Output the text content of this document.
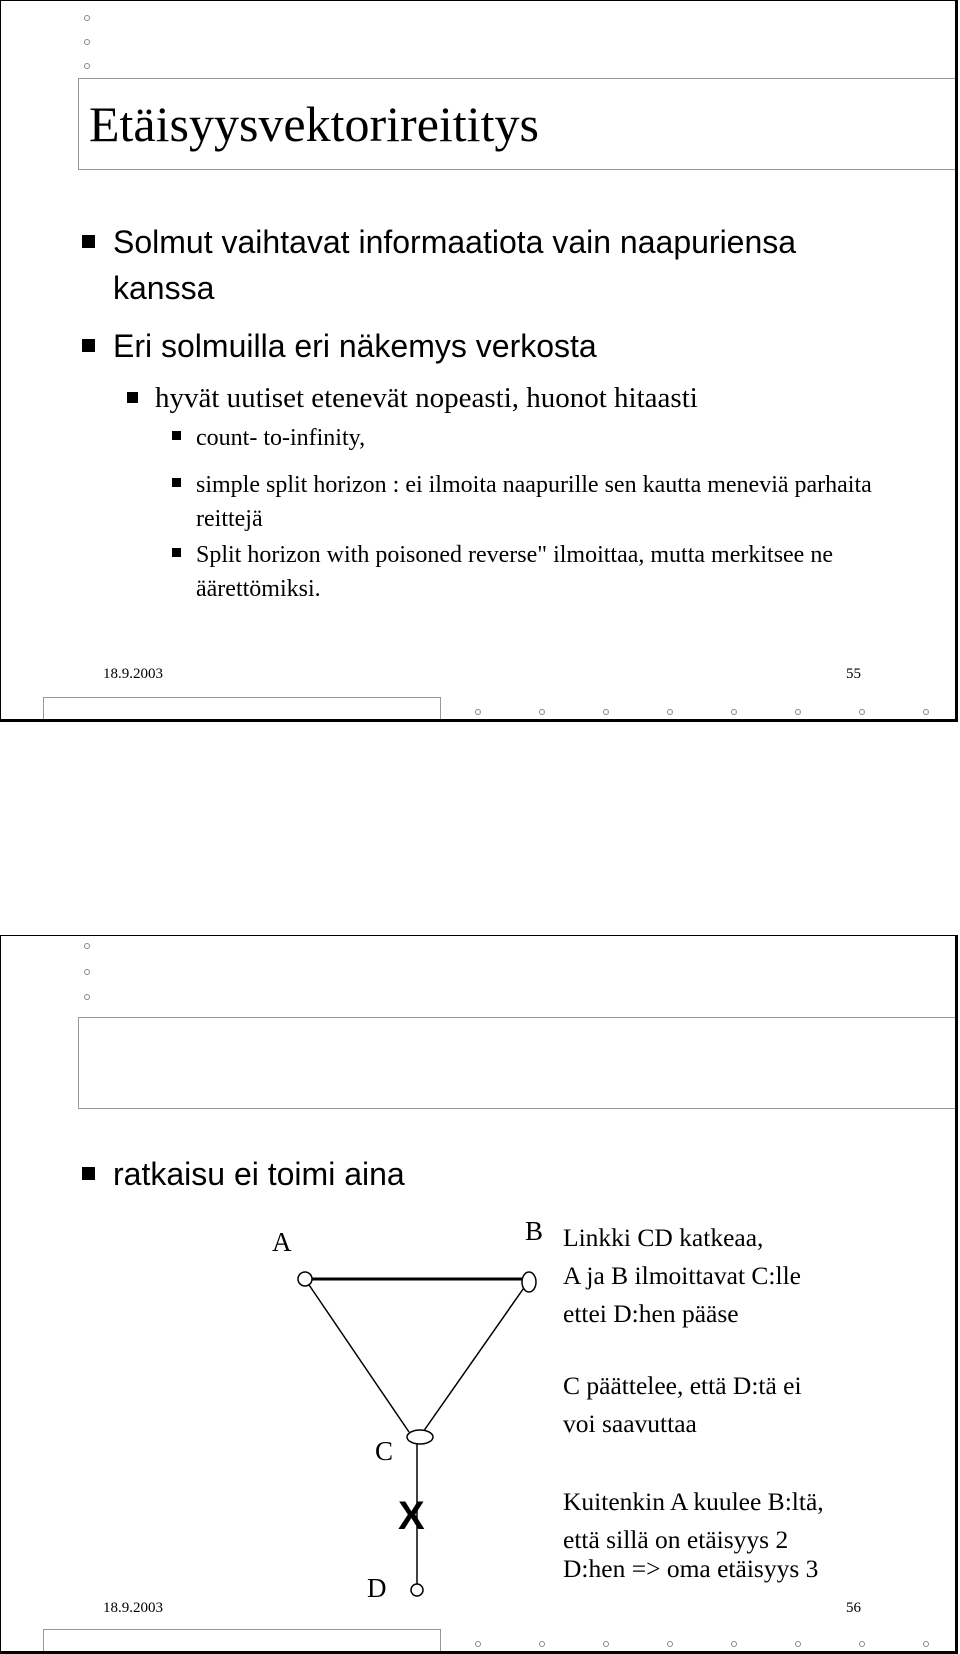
Etäisyysvektorireititys
Solmut vaihtavat informaatiota vain naapuriensa kanssa
Eri solmuilla eri näkemys verkosta
hyvät uutiset etenevät nopeasti, huonot hitaasti
count- to-infinity,
simple split horizon : ei ilmoita naapurille sen kautta meneviä parhaita reittejä
Split horizon with poisoned reverse" ilmoittaa, mutta merkitsee ne äärettömiksi.
18.9.2003	55
ratkaisu ei toimi aina
A	B
C
D
X
Linkki CD katkeaa,
A ja B ilmoittavat C:lle
ettei D:hen pääse
C päättelee, että D:tä ei
voi saavuttaa
Kuitenkin A kuulee B:ltä,
että sillä on etäisyys 2
D:hen => oma etäisyys 3
18.9.2003	56
